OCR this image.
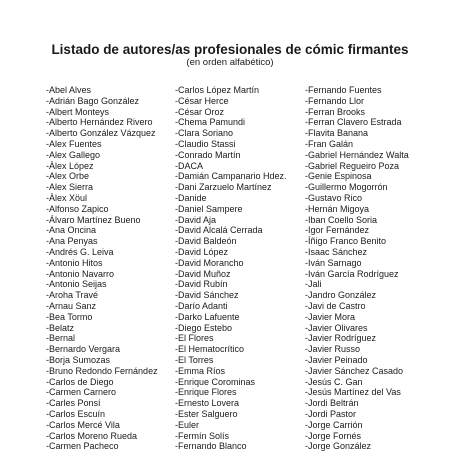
Listado de autores/as profesionales de cómic firmantes

(en orden alfabético)

-Abel Alves
-Adrián Bago González
-Albert Monteys
-Alberto Hernández Rivero
-Alberto González Vázquez
-Alex Fuentes
-Alex Gallego
-Àlex López
-Alex Orbe
-Alex Sierra
-Àlex Xöul
-Alfonso Zapico
-Álvaro Martínez Bueno
-Ana Oncina
-Ana Penyas
-Andrés G. Leiva
-Antonio Hitos
-Antonio Navarro
-Antonio Seijas
-Aroha Travé
-Arnau Sanz
-Bea Tormo
-Belatz
-Bernal
-Bernardo Vergara
-Borja Sumozas
-Bruno Redondo Fernández
-Carlos de Diego
-Carmen Carnero
-Carles Ponsí
-Carlos Escuín
-Carlos Mercé Vila
-Carlos Moreno Rueda
-Carmen Pacheco
-Carlos López Martín
-César Herce
-César Oroz
-Chema Pamundi
-Clara Soriano
-Claudio Stassi
-Conrado Martín
-DACA
-Damián Campanario Hdez.
-Dani Zarzuelo Martínez
-Danide
-Daniel Sampere
-David Aja
-David Alcalá Cerrada
-David Baldeón
-David López
-David Morancho
-David Muñoz
-David Rubín
-David Sánchez
-Darío Adanti
-Darko Lafuente
-Diego Estebo
-El Flores
-El Hematocrítico
-El Torres
-Emma Ríos
-Enrique Corominas
-Enrique Flores
-Ernesto Lovera
-Ester Salguero
-Euler
-Fermín Solís
-Fernando Blanco
-Fernando Fuentes
-Fernando Llor
-Ferran Brooks
-Ferran Clavero Estrada
-Flavita Banana
-Fran Galán
-Gabriel Hernández Walta
-Gabriel Regueiro Poza
-Genie Espinosa
-Guillermo Mogorrón
-Gustavo Rico
-Hernán Migoya
-Iban Coello Soria
-Igor Fernández
-Íñigo Franco Benito
-Isaac Sánchez
-Iván Sarnago
-Iván García Rodríguez
-Jali
-Jandro González
-Javi de Castro
-Javier Mora
-Javier Olivares
-Javier Rodríguez
-Javier Russo
-Javier Peinado
-Javier Sánchez Casado
-Jesús C. Gan
-Jesús Martínez del Vas
-Jordi Beltrán
-Jordi Pastor
-Jorge Carrión
-Jorge Fornés
-Jorge González
